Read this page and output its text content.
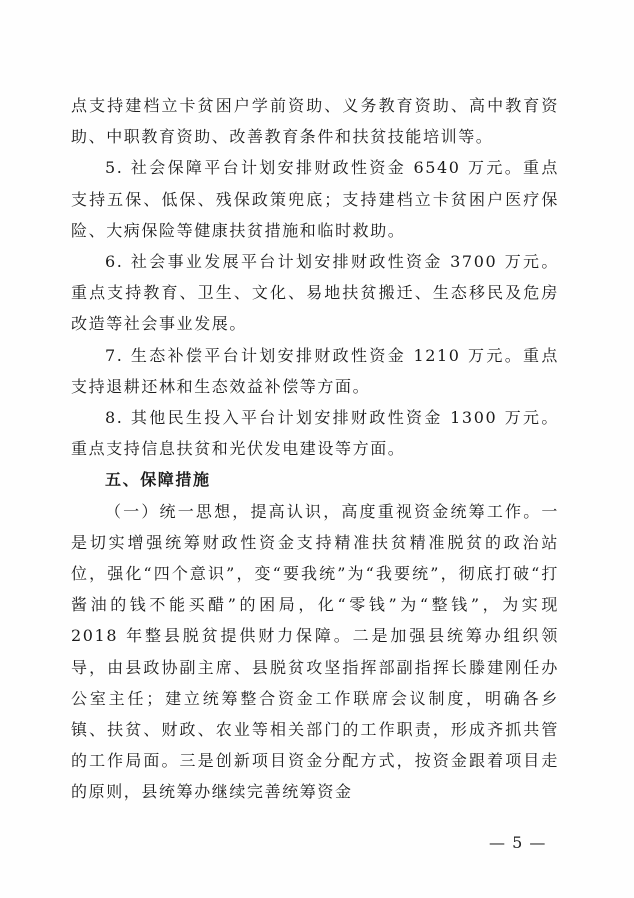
点支持建档立卡贫困户学前资助、义务教育资助、高中教育资助、中职教育资助、改善教育条件和扶贫技能培训等。

5. 社会保障平台计划安排财政性资金 6540 万元。重点支持五保、低保、残保政策兜底；支持建档立卡贫困户医疗保险、大病保险等健康扶贫措施和临时救助。

6. 社会事业发展平台计划安排财政性资金 3700 万元。重点支持教育、卫生、文化、易地扶贫搬迁、生态移民及危房改造等社会事业发展。

7. 生态补偿平台计划安排财政性资金 1210 万元。重点支持退耕还林和生态效益补偿等方面。

8. 其他民生投入平台计划安排财政性资金 1300 万元。重点支持信息扶贫和光伏发电建设等方面。

五、保障措施

（一）统一思想，提高认识，高度重视资金统筹工作。一是切实增强统筹财政性资金支持精准扶贫精准脱贫的政治站位，强化“四个意识”，变“要我统”为“我要统”，彻底打破“打酱油的钱不能买醋”的困局，化“零钱”为“整钱”，为实现 2018 年整县脱贫提供财力保障。二是加强县统筹办组织领导，由县政协副主席、县脱贫攻坚指挥部副指挥长滕建刚任办公室主任；建立统筹整合资金工作联席会议制度，明确各乡镇、扶贫、财政、农业等相关部门的工作职责，形成齐抓共管的工作局面。三是创新项目资金分配方式，按资金跟着项目走的原则，县统筹办继续完善统筹资金

— 5 —
